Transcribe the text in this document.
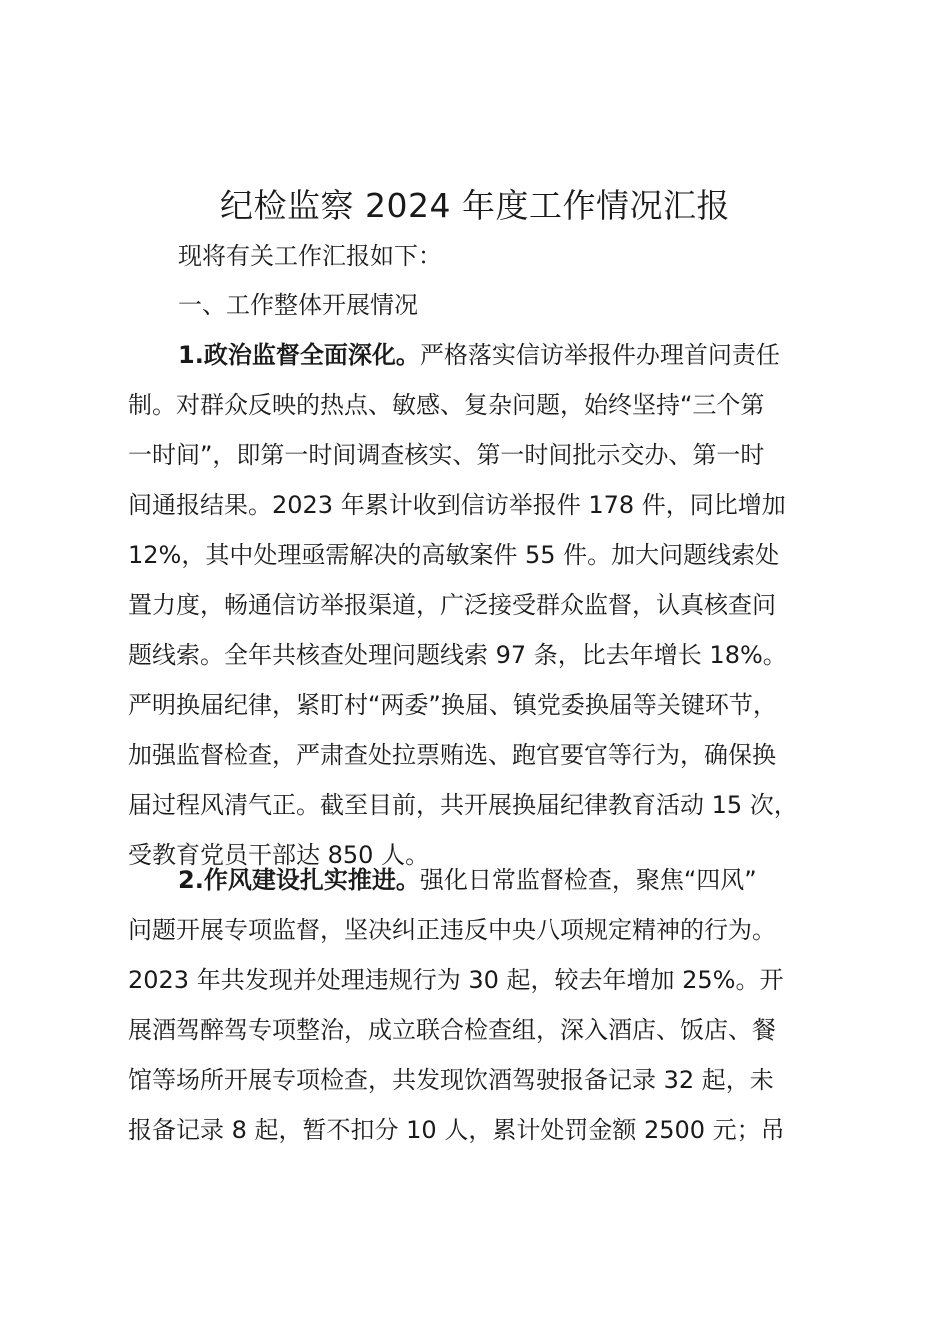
纪检监察 2024 年度工作情况汇报

现将有关工作汇报如下：

一、工作整体开展情况

1.政治监督全面深化。严格落实信访举报件办理首问责任
制。对群众反映的热点、敏感、复杂问题，始终坚持“三个第
一时间”，即第一时间调查核实、第一时间批示交办、第一时
间通报结果。2023 年累计收到信访举报件 178 件，同比增加
12%，其中处理亟需解决的高敏案件 55 件。加大问题线索处
置力度，畅通信访举报渠道，广泛接受群众监督，认真核查问
题线索。全年共核查处理问题线索 97 条，比去年增长 18%。
严明换届纪律，紧盯村“两委”换届、镇党委换届等关键环节，
加强监督检查，严肃查处拉票贿选、跑官要官等行为，确保换
届过程风清气正。截至目前，共开展换届纪律教育活动 15 次，
受教育党员干部达 850 人。
2.作风建设扎实推进。强化日常监督检查，聚焦“四风”
问题开展专项监督，坚决纠正违反中央八项规定精神的行为。
2023 年共发现并处理违规行为 30 起，较去年增加 25%。开
展酒驾醉驾专项整治，成立联合检查组，深入酒店、饭店、餐
馆等场所开展专项检查，共发现饮酒驾驶报备记录 32 起，未
报备记录 8 起，暂不扣分 10 人，累计处罚金额 2500 元；吊
